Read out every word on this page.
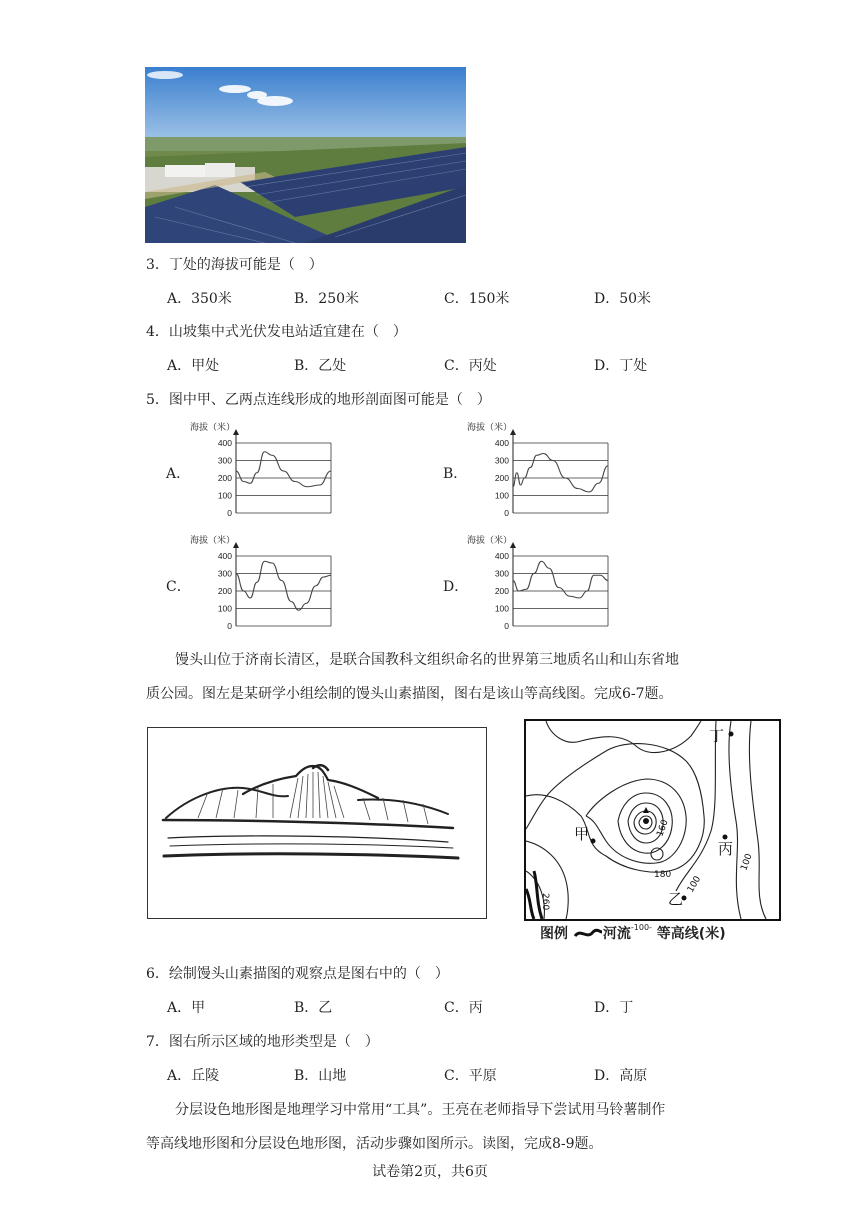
3．丁处的海拔可能是（　）
A．350米	B．250米	C．150米	D．50米
4．山坡集中式光伏发电站适宜建在（　）
A．甲处	B．乙处	C．丙处	D．丁处
5．图中甲、乙两点连线形成的地形剖面图可能是（　）
A．
海拔（米）
400
300
200
100
0
B．
海拔（米）
400
300
200
100
0
C．
海拔（米）
400
300
200
100
0
D．
海拔（米）
400
300
200
100
0
馒头山位于济南长清区，是联合国教科文组织命名的世界第三地质名山和山东省地
质公园。图左是某研学小组绘制的馒头山素描图，图右是该山等高线图。完成6-7题。
丁
甲
丙
乙
160
180 100
100
260
图例 河流$^{-100-}$ 等高线(米)
6．绘制馒头山素描图的观察点是图右中的（　）
A．甲	B．乙	C．丙	D．丁
7．图右所示区域的地形类型是（　）
A．丘陵	B．山地	C．平原	D．高原
分层设色地形图是地理学习中常用“工具”。王亮在老师指导下尝试用马铃薯制作
等高线地形图和分层设色地形图，活动步骤如图所示。读图，完成8-9题。
试卷第2页，共6页
